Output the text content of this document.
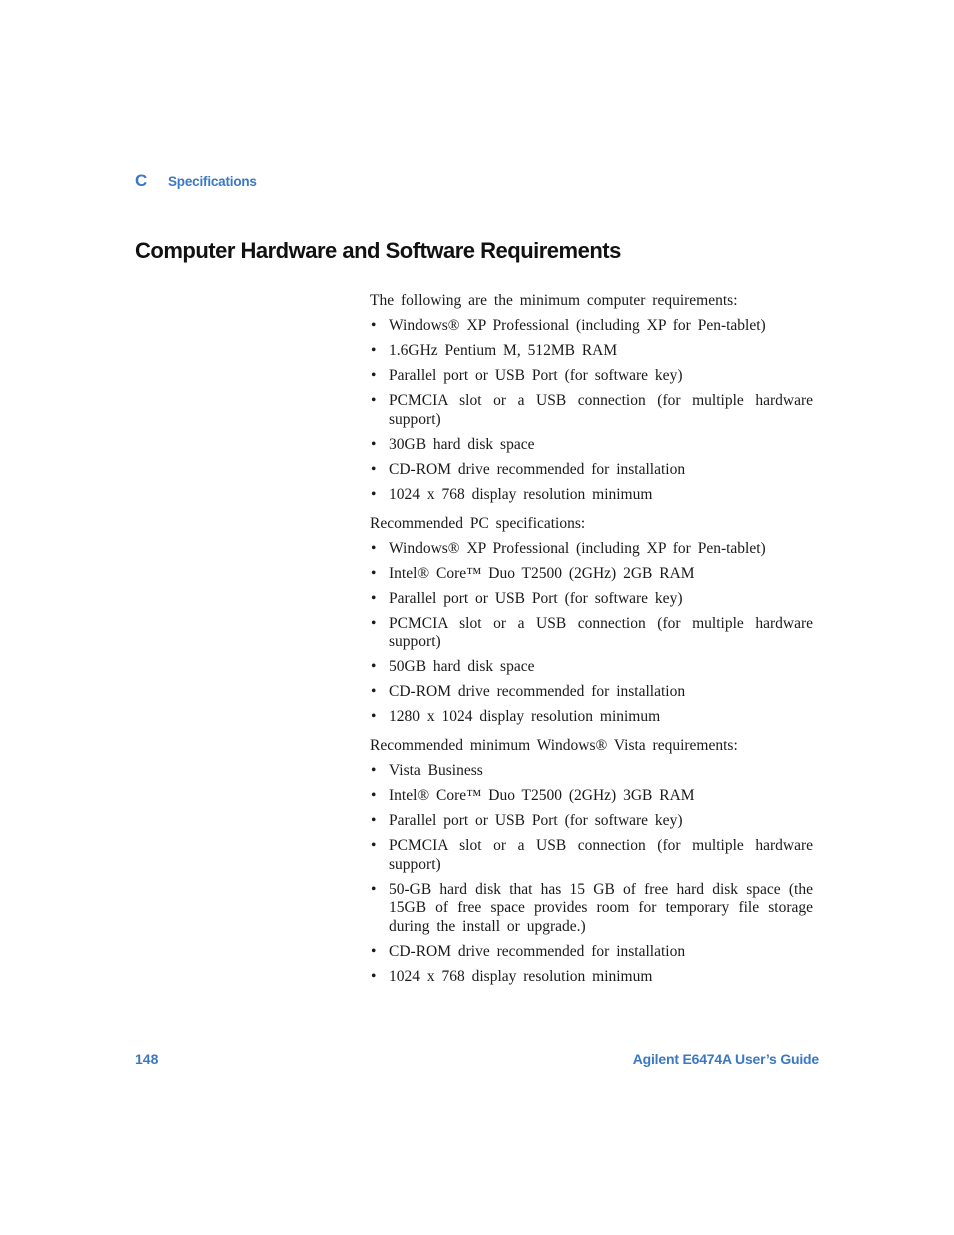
C Specifications
Computer Hardware and Software Requirements

The following are the minimum computer requirements:

• Windows® XP Professional (including XP for Pen-tablet)
• 1.6GHz Pentium M, 512MB RAM
• Parallel port or USB Port (for software key)
• PCMCIA slot or a USB connection (for multiple hardware support)
• 30GB hard disk space
• CD-ROM drive recommended for installation
• 1024 x 768 display resolution minimum

Recommended PC specifications:

• Windows® XP Professional (including XP for Pen-tablet)
• Intel® Core™ Duo T2500 (2GHz) 2GB RAM
• Parallel port or USB Port (for software key)
• PCMCIA slot or a USB connection (for multiple hardware support)
• 50GB hard disk space
• CD-ROM drive recommended for installation
• 1280 x 1024 display resolution minimum

Recommended minimum Windows® Vista requirements:

• Vista Business
• Intel® Core™ Duo T2500 (2GHz) 3GB RAM
• Parallel port or USB Port (for software key)
• PCMCIA slot or a USB connection (for multiple hardware support)
• 50-GB hard disk that has 15 GB of free hard disk space (the 15GB of free space provides room for temporary file storage during the install or upgrade.)
• CD-ROM drive recommended for installation
• 1024 x 768 display resolution minimum
148	Agilent E6474A User’s Guide
